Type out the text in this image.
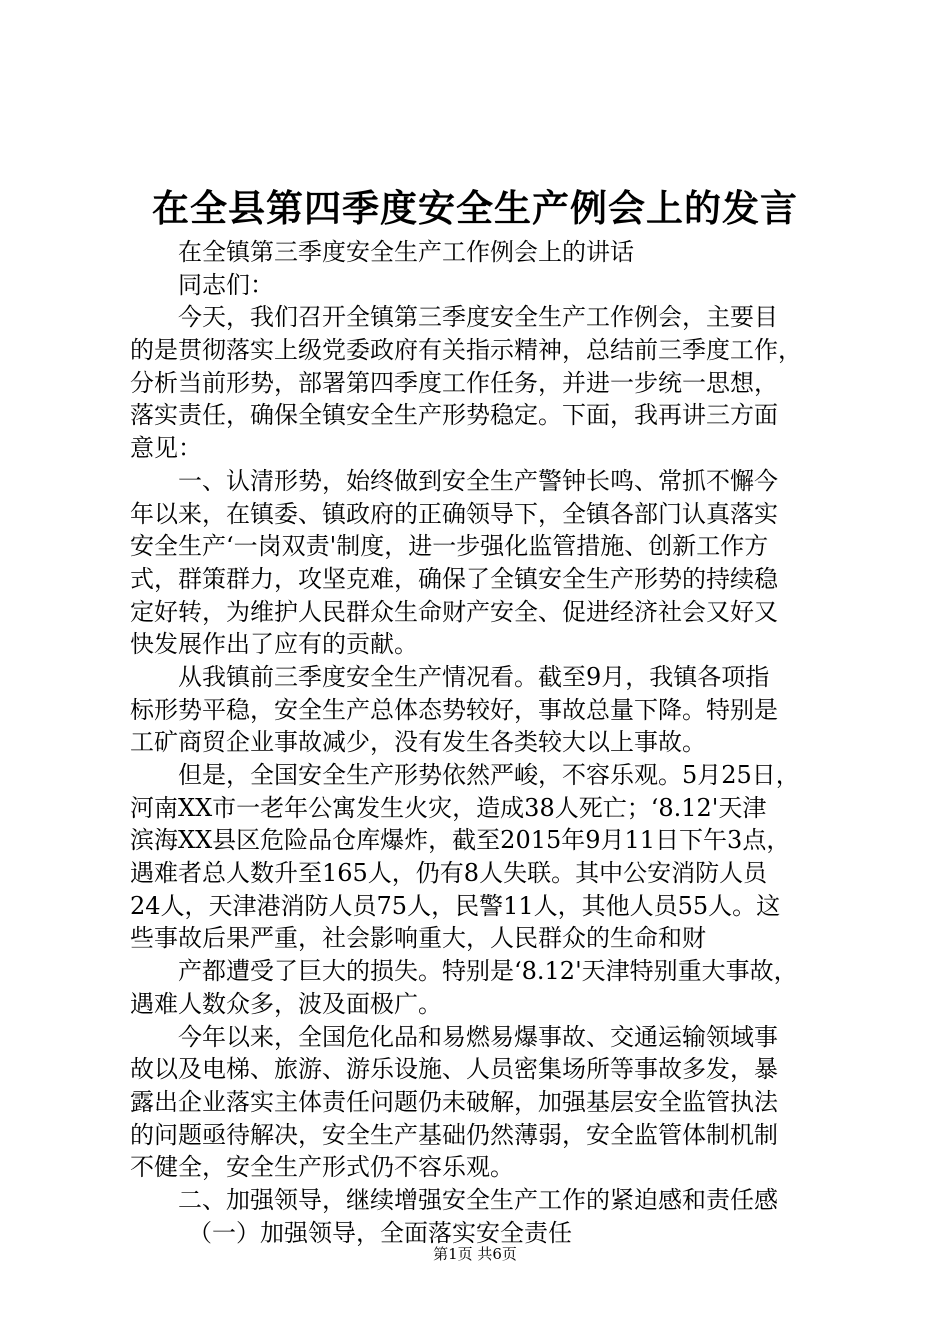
在全县第四季度安全生产例会上的发言
在全镇第三季度安全生产工作例会上的讲话
同志们：
今天，我们召开全镇第三季度安全生产工作例会，主要目
的是贯彻落实上级党委政府有关指示精神，总结前三季度工作，
分析当前形势，部署第四季度工作任务，并进一步统一思想，
落实责任，确保全镇安全生产形势稳定。下面，我再讲三方面
意见：
一、认清形势，始终做到安全生产警钟长鸣、常抓不懈今
年以来，在镇委、镇政府的正确领导下，全镇各部门认真落实
安全生产‘一岗双责'制度，进一步强化监管措施、创新工作方
式，群策群力，攻坚克难，确保了全镇安全生产形势的持续稳
定好转，为维护人民群众生命财产安全、促进经济社会又好又
快发展作出了应有的贡献。
从我镇前三季度安全生产情况看。截至9月，我镇各项指
标形势平稳，安全生产总体态势较好，事故总量下降。特别是
工矿商贸企业事故减少，没有发生各类较大以上事故。
但是，全国安全生产形势依然严峻，不容乐观。5月25日，
河南XX市一老年公寓发生火灾，造成38人死亡；‘8.12'天津
滨海XX县区危险品仓库爆炸，截至2015年9月11日下午3点，
遇难者总人数升至165人，仍有8人失联。其中公安消防人员
24人，天津港消防人员75人，民警11人，其他人员55人。这
些事故后果严重，社会影响重大，人民群众的生命和财
产都遭受了巨大的损失。特别是‘8.12'天津特别重大事故，
遇难人数众多，波及面极广。
今年以来，全国危化品和易燃易爆事故、交通运输领域事
故以及电梯、旅游、游乐设施、人员密集场所等事故多发，暴
露出企业落实主体责任问题仍未破解，加强基层安全监管执法
的问题亟待解决，安全生产基础仍然薄弱，安全监管体制机制
不健全，安全生产形式仍不容乐观。
二、加强领导，继续增强安全生产工作的紧迫感和责任感
（一）加强领导，全面落实安全责任
第1页 共6页
